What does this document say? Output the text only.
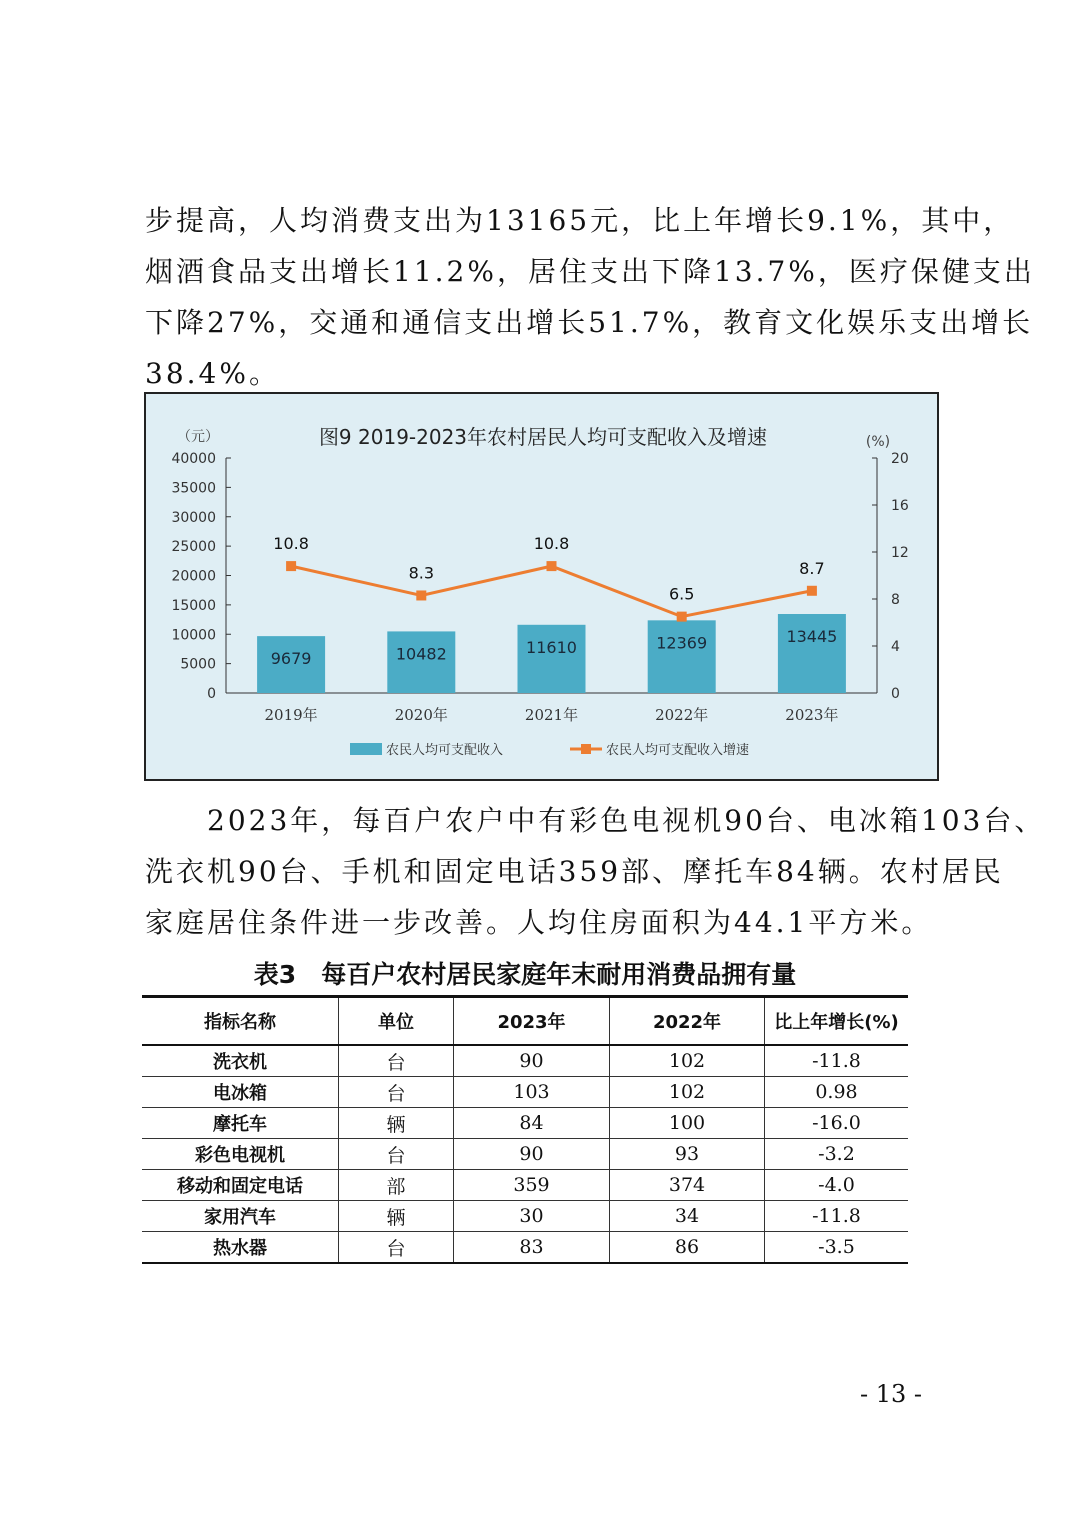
步提高，人均消费支出为13165元，比上年增长9.1%，其中，
烟酒食品支出增长11.2%，居住支出下降13.7%，医疗保健支出
下降27%，交通和通信支出增长51.7%，教育文化娱乐支出增长
38.4%。
图9 2019-2023年农村居民人均可支配收入及增速
（元）	(%)
0
5000
10000
15000
20000
25000
30000
35000
40000
0
4
8
12
16
20
9679	10482	11610	12369	13445
2019年	2020年	2021年	2022年	2023年
10.8
8.3
10.8
6.5
8.7
农民人均可支配收入	农民人均可支配收入增速
　　2023年，每百户农户中有彩色电视机90台、电冰箱103台、
洗衣机90台、手机和固定电话359部、摩托车84辆。农村居民
家庭居住条件进一步改善。人均住房面积为44.1平方米。

表3　每百户农村居民家庭年末耐用消费品拥有量

指标名称	单位	2023年	2022年	比上年增长(%)
洗衣机	台	90	102	-11.8
电冰箱	台	103	102	0.98
摩托车	辆	84	100	-16.0
彩色电视机	台	90	93	-3.2
移动和固定电话	部	359	374	-4.0
家用汽车	辆	30	34	-11.8
热水器	台	83	86	-3.5
- 13 -
